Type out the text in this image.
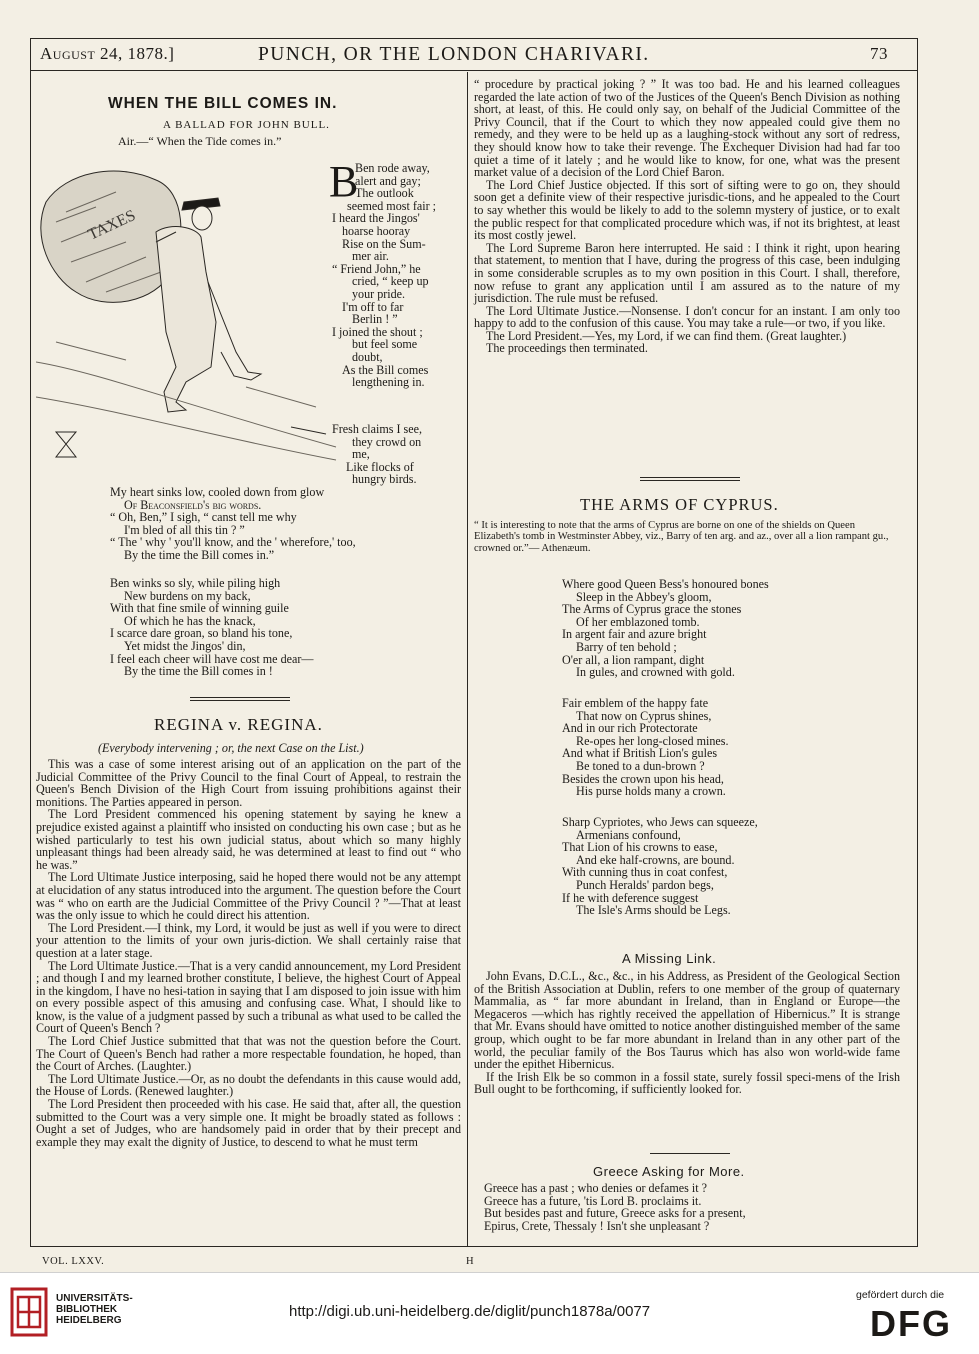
August 24, 1878.]	PUNCH, OR THE LONDON CHARIVARI.	73
WHEN THE BILL COMES IN.
A BALLAD FOR JOHN BULL.
Air.—“ When the Tide comes in.”
TAXES
B
Ben rode away,
alert and gay;
The outlook
seemed most fair ;
I heard the Jingos'
hoarse hooray
Rise on the Sum-
mer air.
“ Friend John,” he
cried, “ keep up
your pride.
I'm off to far
Berlin ! ”
I joined the shout ;
but feel some
doubt,
As the Bill comes
lengthening in.
Fresh claims I see,
they crowd on
me,
Like flocks of
hungry birds.
My heart sinks low, cooled down from glow
Of Beaconsfield's big words.
“ Oh, Ben,” I sigh, “ canst tell me why
I'm bled of all this tin ? ”
“ The ' why ' you'll know, and the ' wherefore,' too,
By the time the Bill comes in.”
Ben winks so sly, while piling high
New burdens on my back,
With that fine smile of winning guile
Of which he has the knack,
I scarce dare groan, so bland his tone,
Yet midst the Jingos' din,
I feel each cheer will have cost me dear—
By the time the Bill comes in !
REGINA v. REGINA.
(Everybody intervening ; or, the next Case on the List.)

This was a case of some interest arising out of an application on the part of the Judicial Committee of the Privy Council to the final Court of Appeal, to restrain the Queen's Bench Division of the High Court from issuing prohibitions against their monitions. The Parties appeared in person.

The Lord President commenced his opening statement by saying he knew a prejudice existed against a plaintiff who insisted on conducting his own case ; but as he wished particularly to test his own judicial status, about which so many highly unpleasant things had been already said, he was determined at least to find out “ who he was.”

The Lord Ultimate Justice interposing, said he hoped there would not be any attempt at elucidation of any status introduced into the argument. The question before the Court was “ who on earth are the Judicial Committee of the Privy Council ? ”—That at least was the only issue to which he could direct his attention.

The Lord President.—I think, my Lord, it would be just as well if you were to direct your attention to the limits of your own juris-diction. We shall certainly raise that question at a later stage.

The Lord Ultimate Justice.—That is a very candid announcement, my Lord President ; and though I and my learned brother constitute, I believe, the highest Court of Appeal in the kingdom, I have no hesi-tation in saying that I am disposed to join issue with him on every possible aspect of this amusing and confusing case. What, I should like to know, is the value of a judgment passed by such a tribunal as what used to be called the Court of Queen's Bench ?

The Lord Chief Justice submitted that that was not the question before the Court. The Court of Queen's Bench had rather a more respectable foundation, he hoped, than the Court of Arches. (Laughter.)

The Lord Ultimate Justice.—Or, as no doubt the defendants in this cause would add, the House of Lords. (Renewed laughter.)

The Lord President then proceeded with his case. He said that, after all, the question submitted to the Court was a very simple one. It might be broadly stated as follows : Ought a set of Judges, who are handsomely paid in order that by their precept and example they may exalt the dignity of Justice, to descend to what he must term

“ procedure by practical joking ? ” It was too bad. He and his learned colleagues regarded the late action of two of the Justices of the Queen's Bench Division as nothing short, at least, of this. He could only say, on behalf of the Judicial Committee of the Privy Council, that if the Court to which they now appealed could give them no remedy, and they were to be held up as a laughing-stock without any sort of redress, they should know how to take their revenge. The Exchequer Division had had far too quiet a time of it lately ; and he would like to know, for one, what was the present market value of a decision of the Lord Chief Baron.

The Lord Chief Justice objected. If this sort of sifting were to go on, they should soon get a definite view of their respective jurisdic-tions, and he appealed to the Court to say whether this would be likely to add to the solemn mystery of justice, or to exalt the public respect for that complicated procedure which was, if not its brightest, at least its most costly jewel.

The Lord Supreme Baron here interrupted. He said : I think it right, upon hearing that statement, to mention that I have, during the progress of this case, been indulging in some considerable scruples as to my own position in this Court. I shall, therefore, now refuse to grant any application until I am assured as to the nature of my jurisdiction. The rule must be refused.

The Lord Ultimate Justice.—Nonsense. I don't concur for an instant. I am only too happy to add to the confusion of this cause. You may take a rule—or two, if you like.

The Lord President.—Yes, my Lord, if we can find them. (Great laughter.)

The proceedings then terminated.

THE ARMS OF CYPRUS.
“ It is interesting to note that the arms of Cyprus are borne on one of the shields on Queen Elizabeth's tomb in Westminster Abbey, viz., Barry of ten arg. and az., over all a lion rampant gu., crowned or.”— Athenæum.
Where good Queen Bess's honoured bones
Sleep in the Abbey's gloom,
The Arms of Cyprus grace the stones
Of her emblazoned tomb.
In argent fair and azure bright
Barry of ten behold ;
O'er all, a lion rampant, dight
In gules, and crowned with gold.
Fair emblem of the happy fate
That now on Cyprus shines,
And in our rich Protectorate
Re-opes her long-closed mines.
And what if British Lion's gules
Be toned to a dun-brown ?
Besides the crown upon his head,
His purse holds many a crown.
Sharp Cypriotes, who Jews can squeeze,
Armenians confound,
That Lion of his crowns to ease,
And eke half-crowns, are bound.
With cunning thus in coat confest,
Punch Heralds' pardon begs,
If he with deference suggest
The Isle's Arms should be Legs.
A Missing Link.

John Evans, D.C.L., &c., &c., in his Address, as President of the Geological Section of the British Association at Dublin, refers to one member of the group of quaternary Mammalia, as “ far more abundant in Ireland, than in England or Europe—the Megaceros —which has rightly received the appellation of Hibernicus.” It is strange that Mr. Evans should have omitted to notice another distinguished member of the same group, which ought to be far more abundant in Ireland than in any other part of the world, the peculiar family of the Bos Taurus which has also won world-wide fame under the epithet Hibernicus.

If the Irish Elk be so common in a fossil state, surely fossil speci-mens of the Irish Bull ought to be forthcoming, if sufficiently looked for.

Greece Asking for More.
Greece has a past ; who denies or defames it ?
Greece has a future, 'tis Lord B. proclaims it.
But besides past and future, Greece asks for a present,
Epirus, Crete, Thessaly ! Isn't she unpleasant ?
VOL. LXXV.	H
UNIVERSITÄTS-
BIBLIOTHEK
HEIDELBERG
http://digi.ub.uni-heidelberg.de/diglit/punch1878a/0077
gefördert durch die
DFG
